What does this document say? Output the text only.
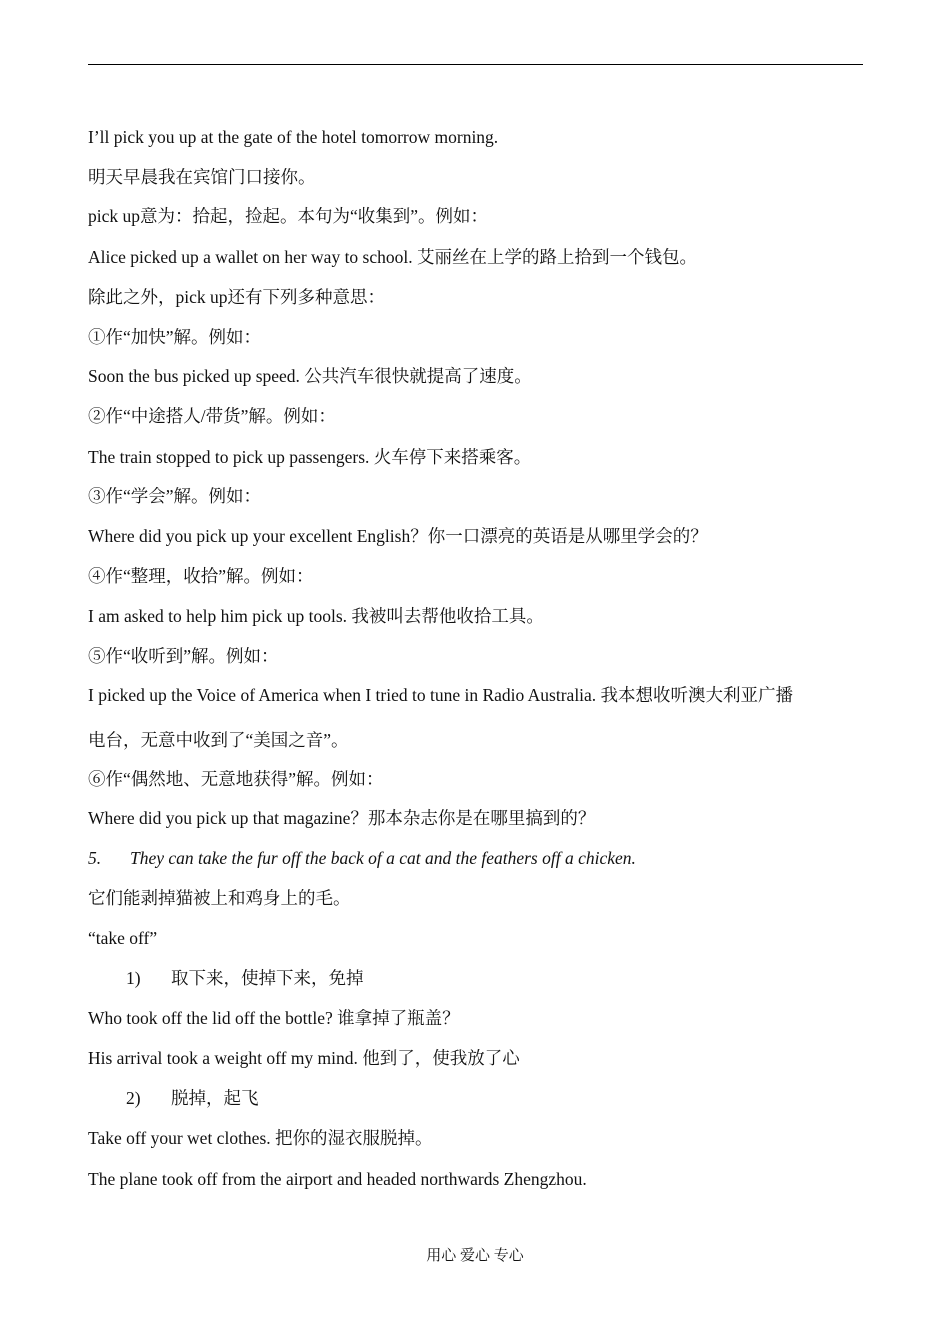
I’ll pick you up at the gate of the hotel tomorrow morning.
明天早晨我在宾馆门口接你。
pick up意为：拾起，捡起。本句为“收集到”。例如：
Alice picked up a wallet on her way to school. 艾丽丝在上学的路上拾到一个钱包。
除此之外，pick up还有下列多种意思：
①作“加快”解。例如：
Soon the bus picked up speed. 公共汽车很快就提高了速度。
②作“中途搭人/带货”解。例如：
The train stopped to pick up passengers. 火车停下来搭乘客。
③作“学会”解。例如：
Where did you pick up your excellent English？你一口漂亮的英语是从哪里学会的？
④作“整理，收拾”解。例如：
I am asked to help him pick up tools. 我被叫去帮他收拾工具。
⑤作“收听到”解。例如：
I picked up the Voice of America when I tried to tune in Radio Australia. 我本想收听澳大利亚广播
电台，无意中收到了“美国之音”。
⑥作“偶然地、无意地获得”解。例如：
Where did you pick up that magazine？那本杂志你是在哪里搞到的？
5. They can take the fur off the back of a cat and the feathers off a chicken.
它们能剥掉猫被上和鸡身上的毛。
“take off”
1) 取下来，使掉下来，免掉
Who took off the lid off the bottle? 谁拿掉了瓶盖？
His arrival took a weight off my mind. 他到了，使我放了心
2) 脱掉，起飞
Take off your wet clothes. 把你的湿衣服脱掉。
The plane took off from the airport and headed northwards Zhengzhou.
用心 爱心 专心
